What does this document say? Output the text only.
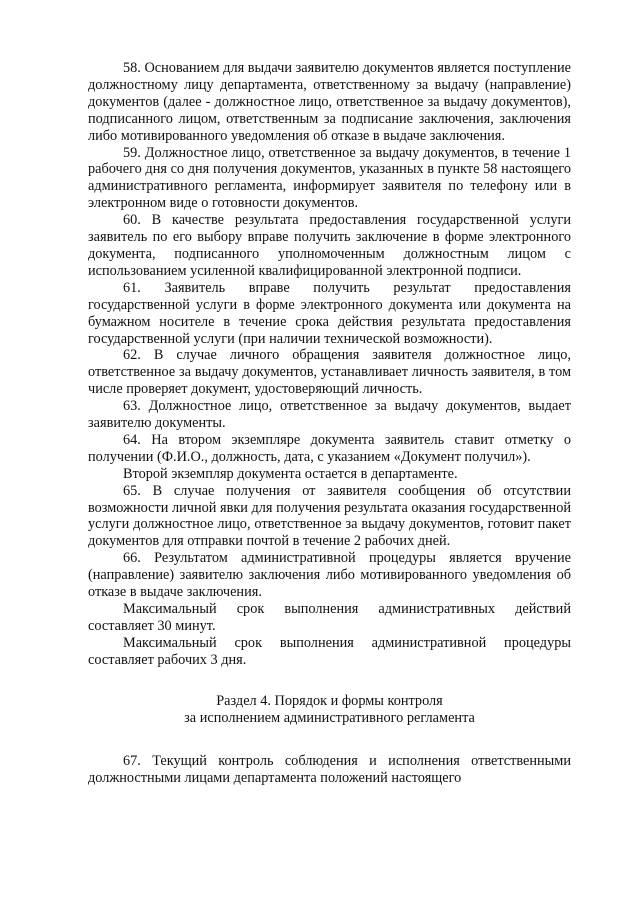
58. Основанием для выдачи заявителю документов является поступление должностному лицу департамента, ответственному за выдачу (направление) документов (далее - должностное лицо, ответственное за выдачу документов), подписанного лицом, ответственным за подписание заключения, заключения либо мотивированного уведомления об отказе в выдаче заключения.

59. Должностное лицо, ответственное за выдачу документов, в течение 1 рабочего дня со дня получения документов, указанных в пункте 58 настоящего административного регламента, информирует заявителя по телефону или в электронном виде о готовности документов.

60. В качестве результата предоставления государственной услуги заявитель по его выбору вправе получить заключение в форме электронного документа, подписанного уполномоченным должностным лицом с использованием усиленной квалифицированной электронной подписи.

61. Заявитель вправе получить результат предоставления государственной услуги в форме электронного документа или документа на бумажном носителе в течение срока действия результата предоставления государственной услуги (при наличии технической возможности).

62. В случае личного обращения заявителя должностное лицо, ответственное за выдачу документов, устанавливает личность заявителя, в том числе проверяет документ, удостоверяющий личность.

63. Должностное лицо, ответственное за выдачу документов, выдает заявителю документы.

64. На втором экземпляре документа заявитель ставит отметку о получении (Ф.И.О., должность, дата, с указанием «Документ получил»).

Второй экземпляр документа остается в департаменте.

65. В случае получения от заявителя сообщения об отсутствии возможности личной явки для получения результата оказания государственной услуги должностное лицо, ответственное за выдачу документов, готовит пакет документов для отправки почтой в течение 2 рабочих дней.

66. Результатом административной процедуры является вручение (направление) заявителю заключения либо мотивированного уведомления об отказе в выдаче заключения.

Максимальный срок выполнения административных действий составляет 30 минут.

Максимальный срок выполнения административной процедуры составляет рабочих 3 дня.

Раздел 4. Порядок и формы контроля
за исполнением административного регламента

67. Текущий контроль соблюдения и исполнения ответственными должностными лицами департамента положений настоящего
